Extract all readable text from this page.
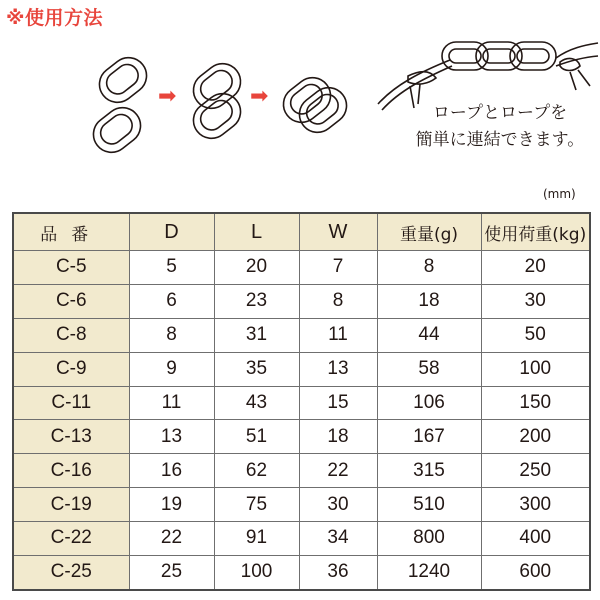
※使用方法
➡	➡
ロープとロープを
簡単に連結できます。
(mm)
品番	D	L	W	重量(g)	使用荷重(kg)
C-5	5	20	7	8	20
C-6	6	23	8	18	30
C-8	8	31	11	44	50
C-9	9	35	13	58	100
C-11	11	43	15	106	150
C-13	13	51	18	167	200
C-16	16	62	22	315	250
C-19	19	75	30	510	300
C-22	22	91	34	800	400
C-25	25	100	36	1240	600
